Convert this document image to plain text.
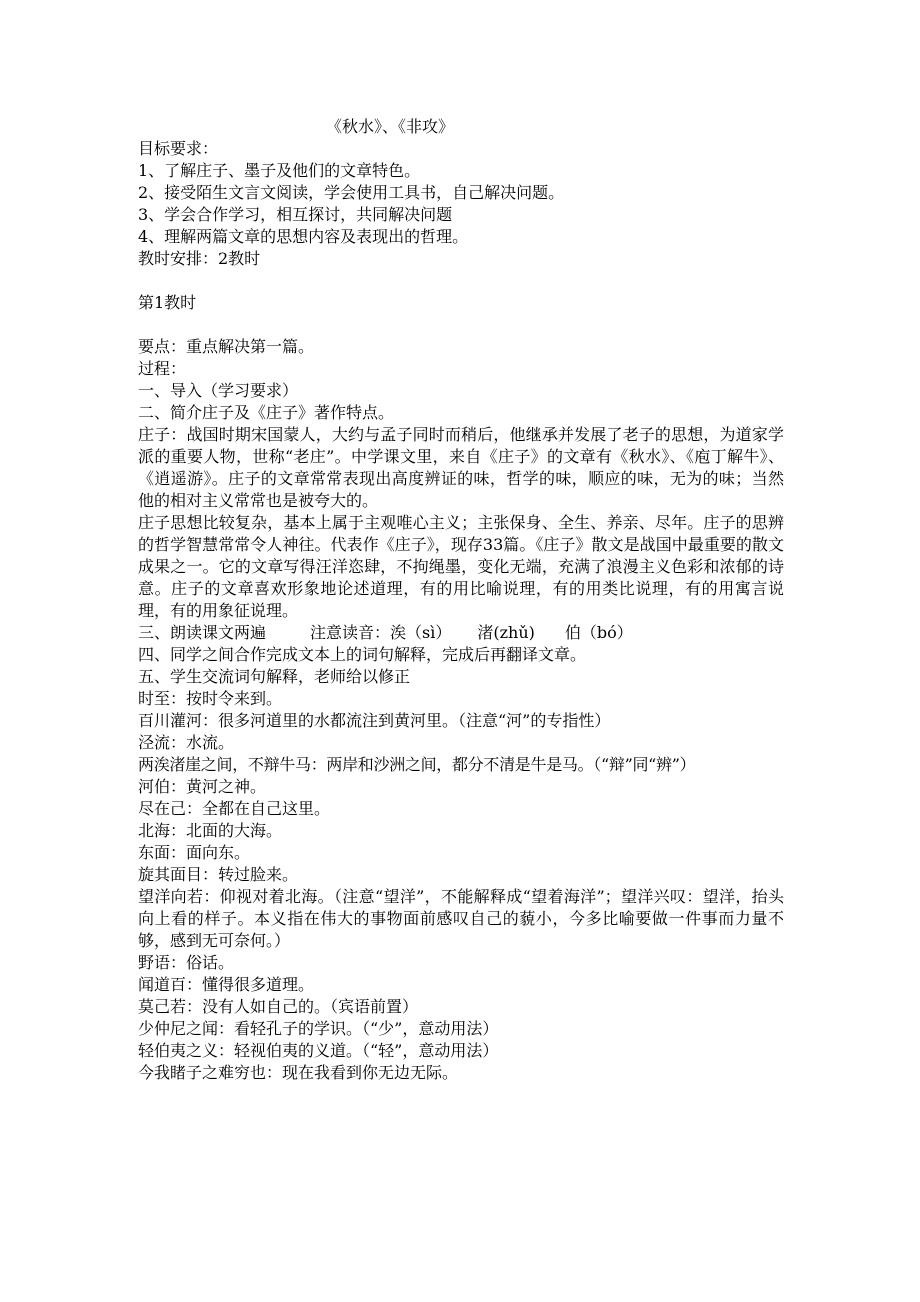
《秋水》、《非攻》
目标要求：
1、了解庄子、墨子及他们的文章特色。
2、接受陌生文言文阅读，学会使用工具书，自己解决问题。
3、学会合作学习，相互探讨，共同解决问题
4、理解两篇文章的思想内容及表现出的哲理。
教时安排：2教时
第1教时
要点：重点解决第一篇。
过程：
一、导入（学习要求）
二、简介庄子及《庄子》著作特点。
庄子：战国时期宋国蒙人，大约与孟子同时而稍后，他继承并发展了老子的思想，为道家学派的重要人物，世称“老庄”。中学课文里，来自《庄子》的文章有《秋水》、《庖丁解牛》、《逍遥游》。庄子的文章常常表现出高度辨证的味，哲学的味，顺应的味，无为的味；当然他的相对主义常常也是被夸大的。
庄子思想比较复杂，基本上属于主观唯心主义；主张保身、全生、养亲、尽年。庄子的思辨的哲学智慧常常令人神往。代表作《庄子》，现存33篇。《庄子》散文是战国中最重要的散文成果之一。它的文章写得汪洋恣肆，不拘绳墨，变化无端，充满了浪漫主义色彩和浓郁的诗意。庄子的文章喜欢形象地论述道理，有的用比喻说理，有的用类比说理，有的用寓言说理，有的用象征说理。
三、朗读课文两遍	注意读音：涘（sì） 渚(zhǔ) 伯（bó）
四、同学之间合作完成文本上的词句解释，完成后再翻译文章。
五、学生交流词句解释，老师给以修正
时至：按时令来到。
百川灌河：很多河道里的水都流注到黄河里。（注意“河”的专指性）
泾流：水流。
两涘渚崖之间，不辩牛马：两岸和沙洲之间，都分不清是牛是马。（“辩”同“辨”）
河伯：黄河之神。
尽在己：全都在自己这里。
北海：北面的大海。
东面：面向东。
旋其面目：转过脸来。
望洋向若：仰视对着北海。（注意“望洋”，不能解释成“望着海洋”；望洋兴叹：望洋，抬头向上看的样子。本义指在伟大的事物面前感叹自己的藐小，今多比喻要做一件事而力量不够，感到无可奈何。）
野语：俗话。
闻道百：懂得很多道理。
莫己若：没有人如自己的。（宾语前置）
少仲尼之闻：看轻孔子的学识。（“少”，意动用法）
轻伯夷之义：轻视伯夷的义道。（“轻”，意动用法）
今我睹子之难穷也：现在我看到你无边无际。
